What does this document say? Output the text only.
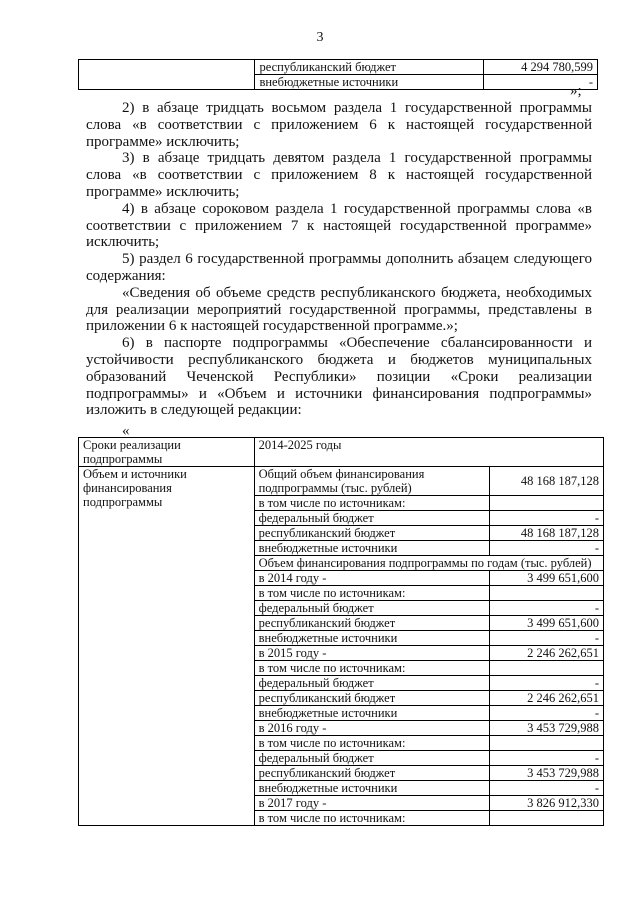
3
	республиканский бюджет	4 294 780,599
	внебюджетные источники	-
»;

2) в абзаце тридцать восьмом раздела 1 государственной программы слова «в соответствии с приложением 6 к настоящей государственной программе» исключить;

3) в абзаце тридцать девятом раздела 1 государственной программы слова «в соответствии с приложением 8 к настоящей государственной программе» исключить;

4) в абзаце сороковом раздела 1 государственной программы слова «в соответствии с приложением 7 к настоящей государственной программе» исключить;

5) раздел 6 государственной программы дополнить абзацем следующего содержания:

«Сведения об объеме средств республиканского бюджета, необходимых для реализации мероприятий государственной программы, представлены в приложении 6 к настоящей государственной программе.»;

6) в паспорте подпрограммы «Обеспечение сбалансированности и устойчивости республиканского бюджета и бюджетов муниципальных образований Чеченской Республики» позиции «Сроки реализации подпрограммы» и «Объем и источники финансирования подпрограммы» изложить в следующей редакции:

«
Сроки реализации подпрограммы	2014-2025 годы	
Объем и источники финансирования подпрограммы	Общий объем финансирования подпрограммы (тыс. рублей)	48 168 187,128
	в том числе по источникам:	
	федеральный бюджет	-
	республиканский бюджет	48 168 187,128
	внебюджетные источники	-
	Объем финансирования подпрограммы по годам (тыс. рублей)	
	в 2014 году -	3 499 651,600
	в том числе по источникам:	
	федеральный бюджет	-
	республиканский бюджет	3 499 651,600
	внебюджетные источники	-
	в 2015 году -	2 246 262,651
	в том числе по источникам:	
	федеральный бюджет	-
	республиканский бюджет	2 246 262,651
	внебюджетные источники	-
	в 2016 году -	3 453 729,988
	в том числе по источникам:	
	федеральный бюджет	-
	республиканский бюджет	3 453 729,988
	внебюджетные источники	-
	в 2017 году -	3 826 912,330
	в том числе по источникам:	
